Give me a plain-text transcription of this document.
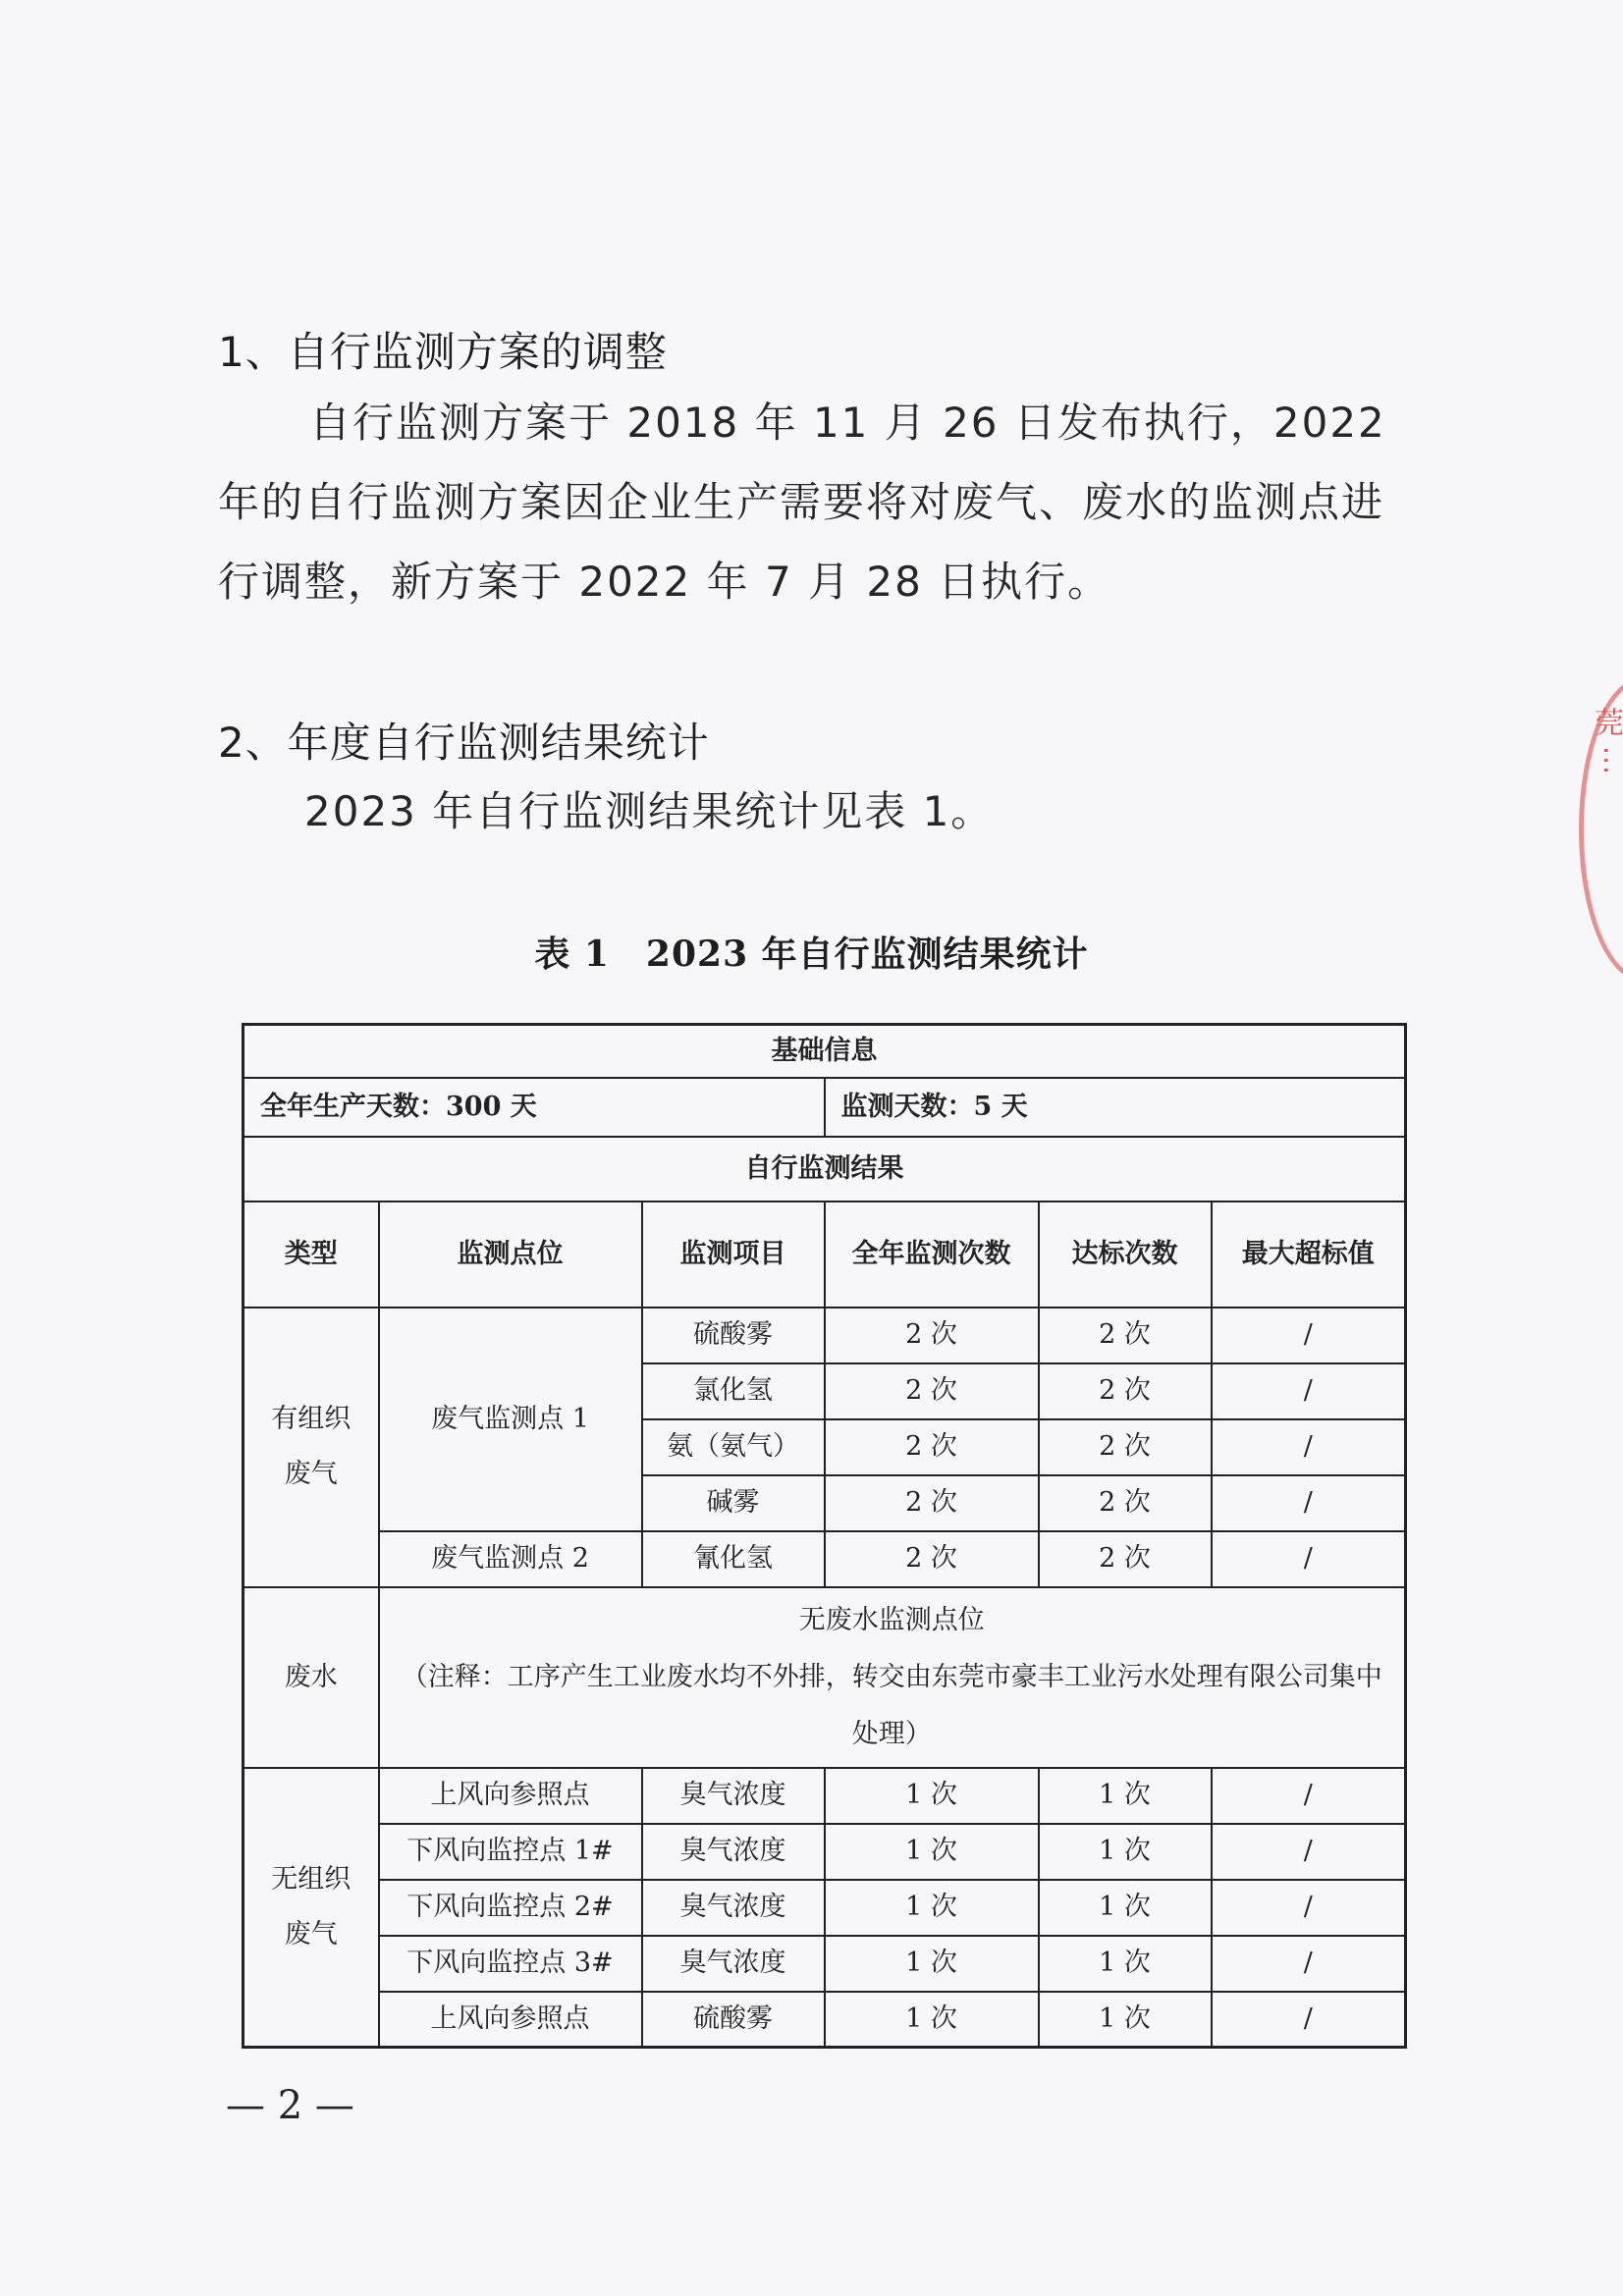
1、自行监测方案的调整

自行监测方案于 2018 年 11 月 26 日发布执行，2022 年的自行监测方案因企业生产需要将对废气、废水的监测点进行调整，新方案于 2022 年 7 月 28 日执行。

2、年度自行监测结果统计

2023 年自行监测结果统计见表 1。

表 1　2023 年自行监测结果统计
基础信息					
全年生产天数：300 天			监测天数：5 天		
自行监测结果					
类型	监测点位	监测项目	全年监测次数	达标次数	最大超标值
有组织废气	废气监测点 1	硫酸雾	2 次	2 次	/
		氯化氢	2 次	2 次	/
		氨（氨气）	2 次	2 次	/
		碱雾	2 次	2 次	/
	废气监测点 2	氰化氢	2 次	2 次	/
废水	无废水监测点位
（注释：工序产生工业废水均不外排，转交由东莞市豪丰工业污水处理有限公司集中处理）				

无组织废气	上风向参照点	臭气浓度	1 次	1 次	/
	下风向监控点 1#	臭气浓度	1 次	1 次	/
	下风向监控点 2#	臭气浓度	1 次	1 次	/
	下风向监控点 3#	臭气浓度	1 次	1 次	/
	上风向参照点	硫酸雾	1 次	1 次	/
莞 ⋯
— 2 —
